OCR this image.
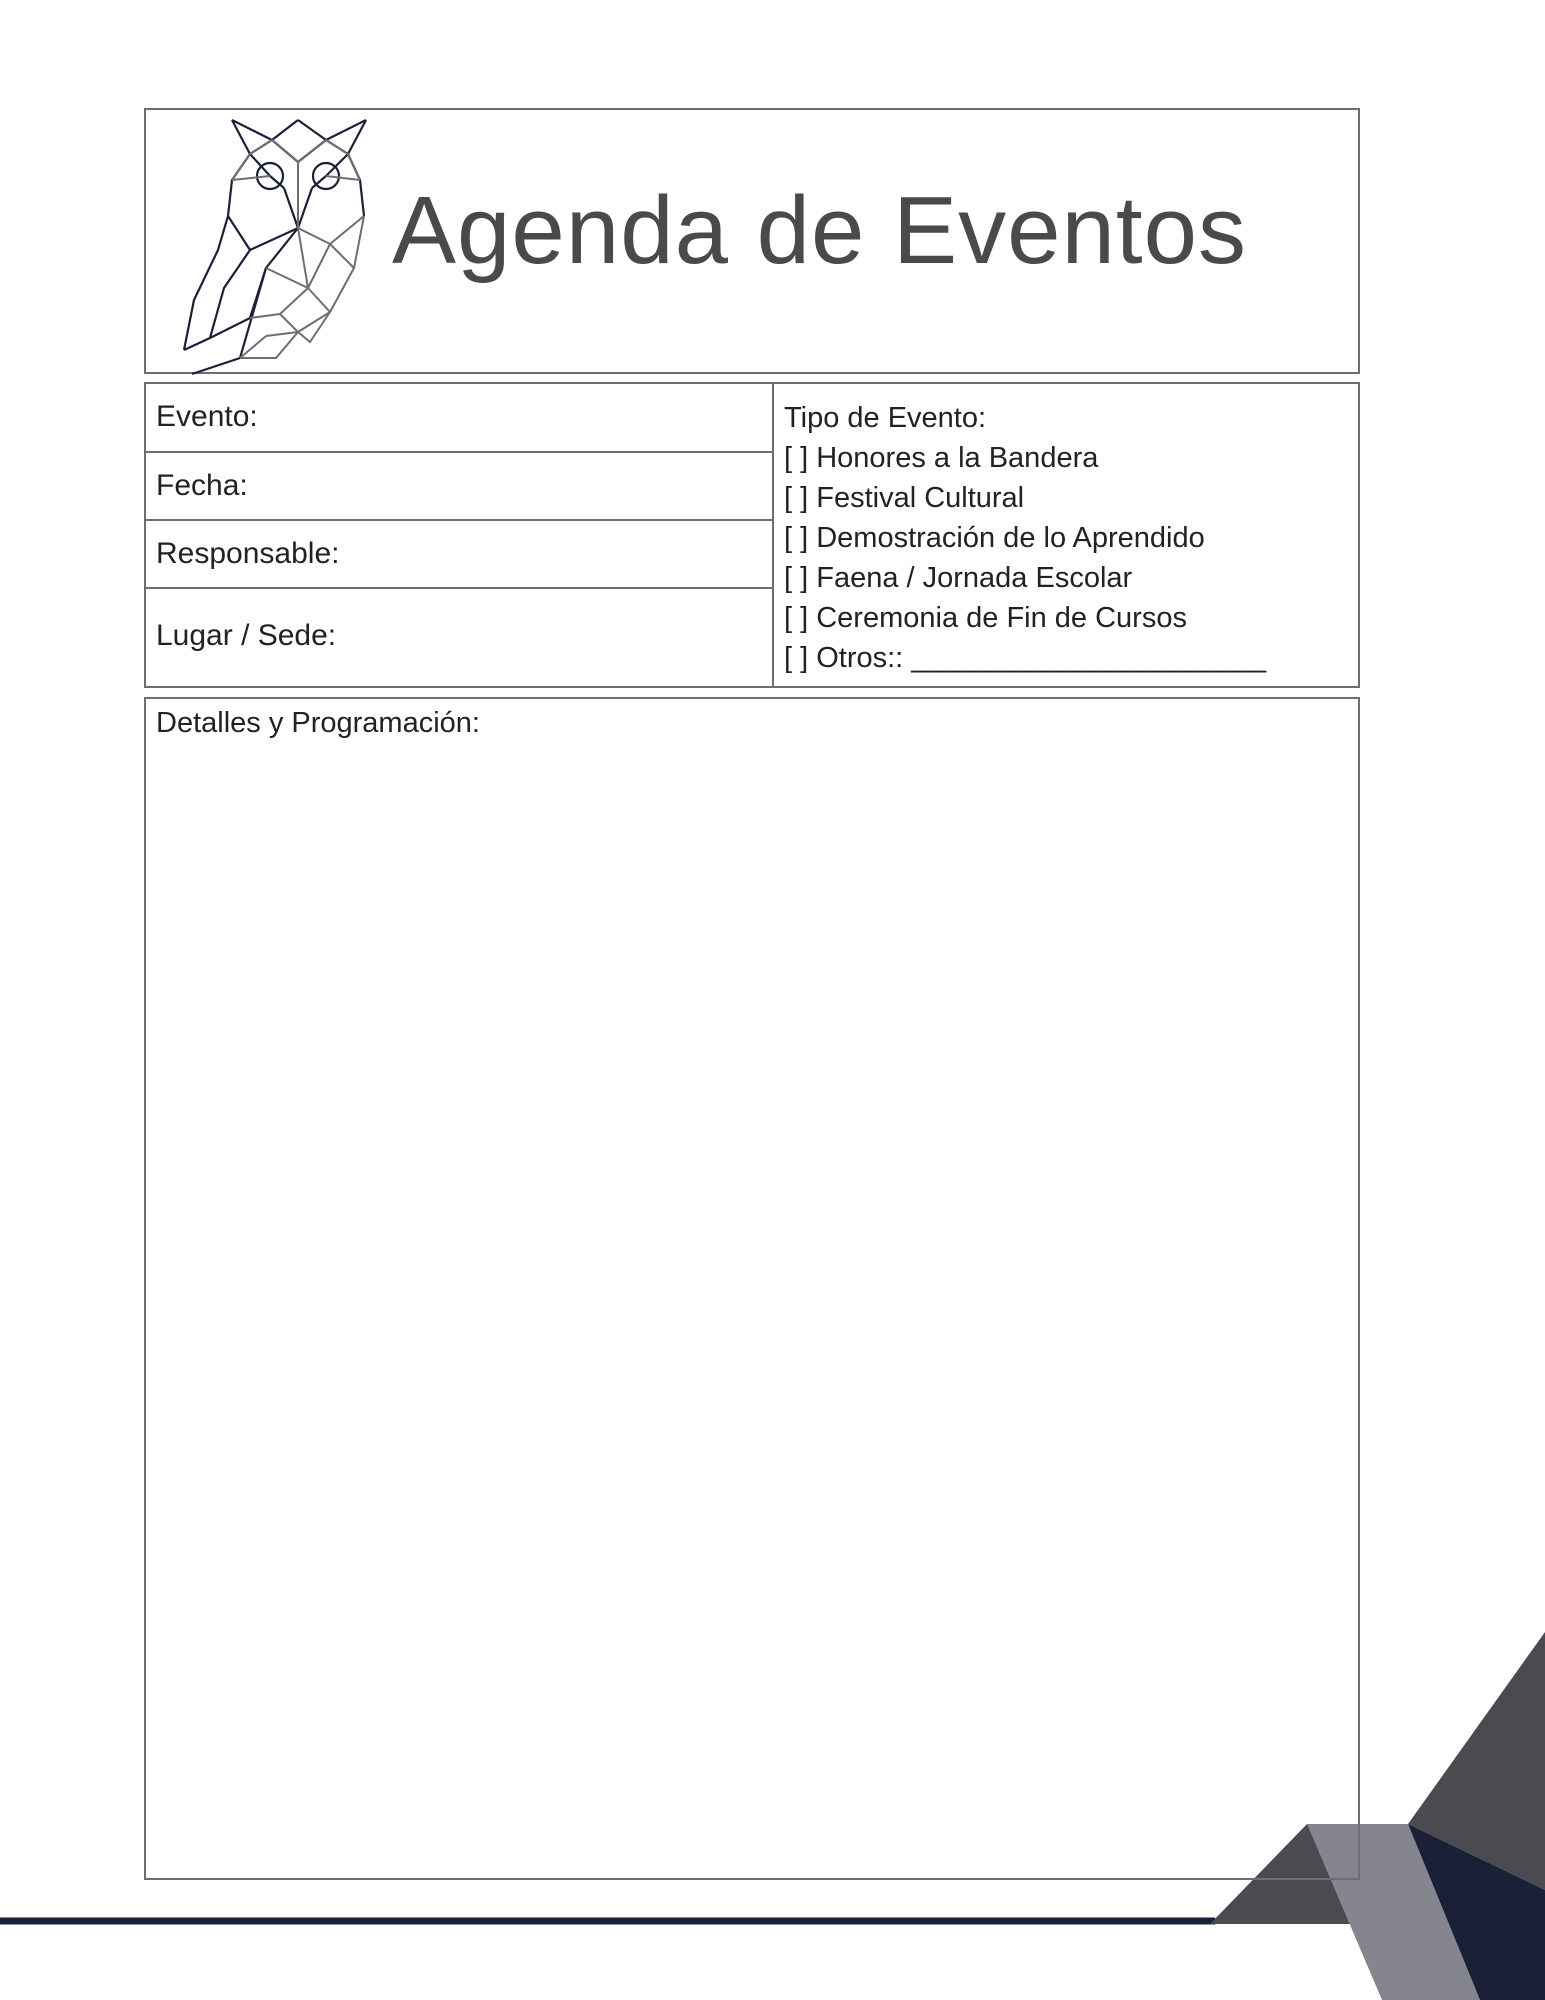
Agenda de Eventos
Evento:
Fecha:
Responsable:
Lugar / Sede:
Tipo de Evento:
[ ] Honores a la Bandera
[ ] Festival Cultural
[ ] Demostración de lo Aprendido
[ ] Faena / Jornada Escolar
[ ] Ceremonia de Fin de Cursos
[ ] Otros:: ______________________
Detalles y Programación:
